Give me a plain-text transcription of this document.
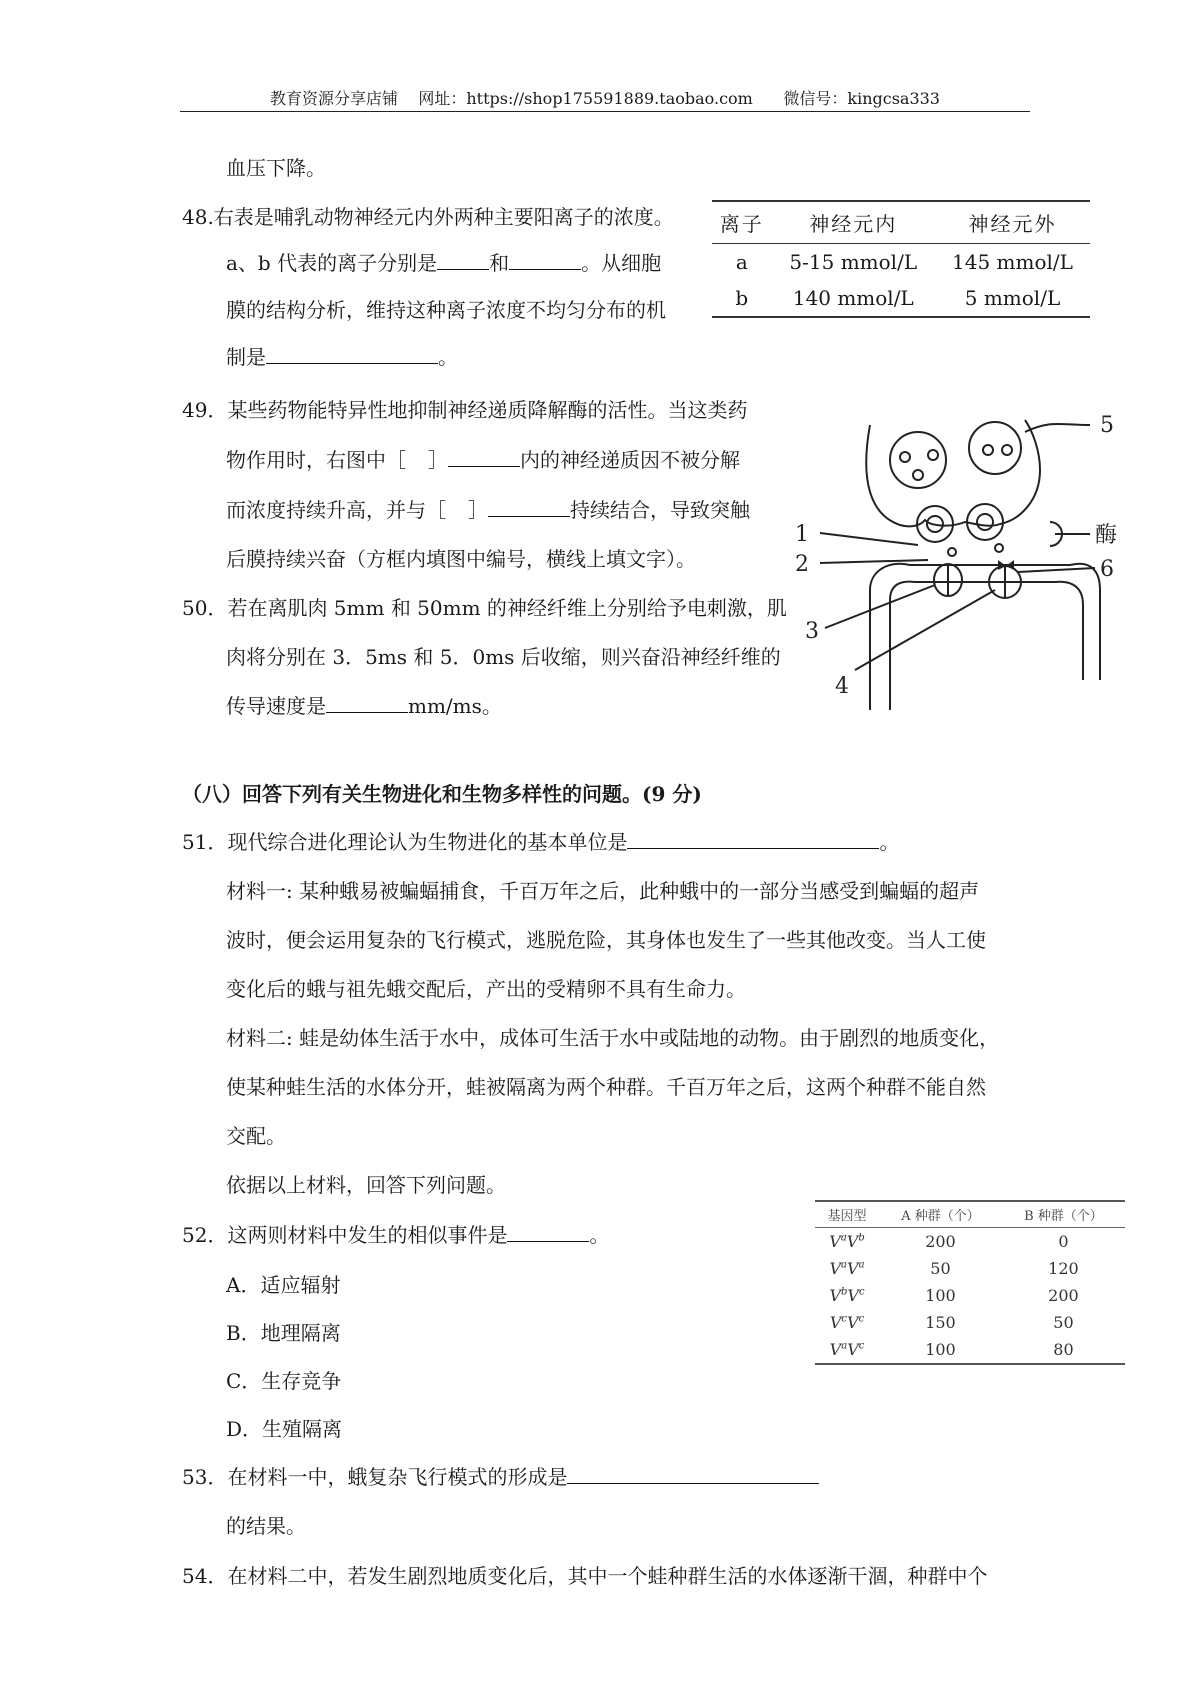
教育资源分享店铺 网址：https://shop175591889.taobao.com 微信号：kingcsa333
血压下降。
48.右表是哺乳动物神经元内外两种主要阳离子的浓度。
a、b 代表的离子分别是	和	。从细胞
膜的结构分析，维持这种离子浓度不均匀分布的机
制是	。
离子	神经元内	神经元外
a	5-15 mmol/L	145 mmol/L
b	140 mmol/L	5 mmol/L
49．某些药物能特异性地抑制神经递质降解酶的活性。当这类药
物作用时，右图中［ ］	内的神经递质因不被分解
而浓度持续升高，并与［ ］	持续结合，导致突触
后膜持续兴奋（方框内填图中编号，横线上填文字）。
1
2
3
4
5
6
酶
50．若在离肌肉 5mm 和 50mm 的神经纤维上分别给予电刺激，肌
肉将分别在 3．5ms 和 5．0ms 后收缩，则兴奋沿神经纤维的
传导速度是	mm/ms。
（八）回答下列有关生物进化和生物多样性的问题。(9 分)
51．现代综合进化理论认为生物进化的基本单位是	。
材料一: 某种蛾易被蝙蝠捕食，千百万年之后，此种蛾中的一部分当感受到蝙蝠的超声
波时，便会运用复杂的飞行模式，逃脱危险，其身体也发生了一些其他改变。当人工使
变化后的蛾与祖先蛾交配后，产出的受精卵不具有生命力。
材料二: 蛙是幼体生活于水中，成体可生活于水中或陆地的动物。由于剧烈的地质变化，
使某种蛙生活的水体分开，蛙被隔离为两个种群。千百万年之后，这两个种群不能自然
交配。
依据以上材料，回答下列问题。
52．这两则材料中发生的相似事件是	。
A．适应辐射
B．地理隔离
C．生存竞争
D．生殖隔离
基因型	A 种群（个）	B 种群（个）
$V^aV^b$	200	0
$V^aV^a$	50	120
$V^bV^c$	100	200
$V^cV^c$	150	50
$V^aV^c$	100	80
53．在材料一中，蛾复杂飞行模式的形成是
的结果。
54．在材料二中，若发生剧烈地质变化后，其中一个蛙种群生活的水体逐渐干涸，种群中个
